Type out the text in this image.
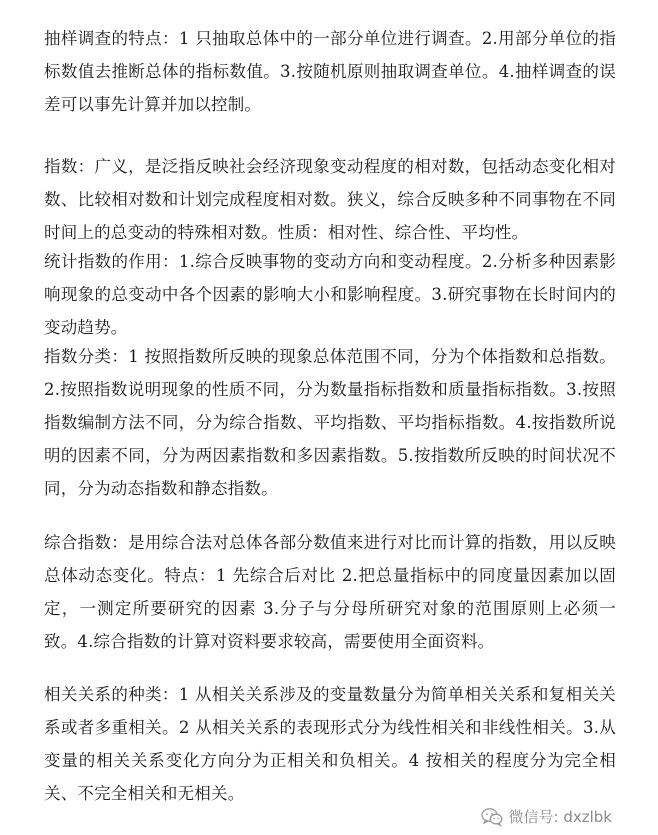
抽样调查的特点：1 只抽取总体中的一部分单位进行调查。2.用部分单位的指标数值去推断总体的指标数值。3.按随机原则抽取调查单位。4.抽样调查的误差可以事先计算并加以控制。

指数：广义，是泛指反映社会经济现象变动程度的相对数，包括动态变化相对数、比较相对数和计划完成程度相对数。狭义，综合反映多种不同事物在不同时间上的总变动的特殊相对数。性质：相对性、综合性、平均性。

统计指数的作用：1.综合反映事物的变动方向和变动程度。2.分析多种因素影响现象的总变动中各个因素的影响大小和影响程度。3.研究事物在长时间内的变动趋势。

指数分类：1 按照指数所反映的现象总体范围不同，分为个体指数和总指数。2.按照指数说明现象的性质不同，分为数量指标指数和质量指标指数。3.按照指数编制方法不同，分为综合指数、平均指数、平均指标指数。4.按指数所说明的因素不同，分为两因素指数和多因素指数。5.按指数所反映的时间状况不同，分为动态指数和静态指数。

综合指数：是用综合法对总体各部分数值来进行对比而计算的指数，用以反映总体动态变化。特点：1 先综合后对比 2.把总量指标中的同度量因素加以固定，一测定所要研究的因素 3.分子与分母所研究对象的范围原则上必须一致。4.综合指数的计算对资料要求较高，需要使用全面资料。

相关关系的种类：1 从相关关系涉及的变量数量分为简单相关关系和复相关关系或者多重相关。2 从相关关系的表现形式分为线性相关和非线性相关。3.从变量的相关关系变化方向分为正相关和负相关。4 按相关的程度分为完全相关、不完全相关和无相关。

微信号: dxzlbk
